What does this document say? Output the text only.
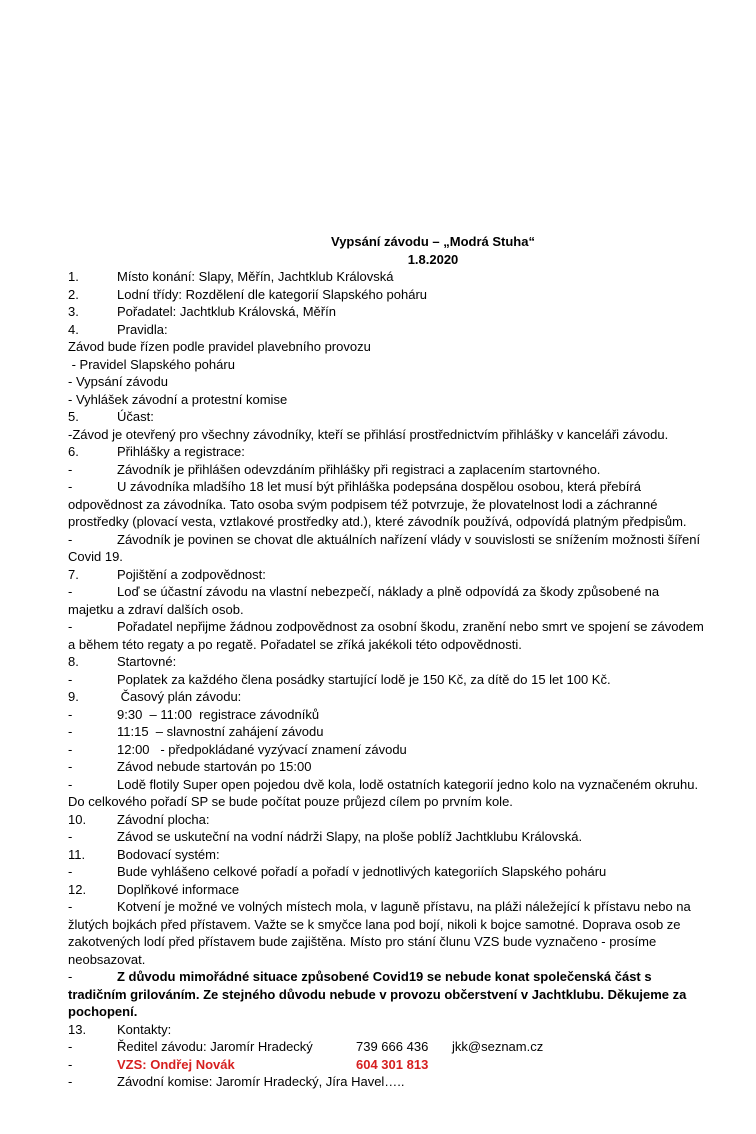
Vypsání závodu – „Modrá Stuha“
1.8.2020
1.	Místo konání: Slapy, Měřín, Jachtklub Královská
2.	Lodní třídy: Rozdělení dle kategorií Slapského poháru
3.	Pořadatel: Jachtklub Královská, Měřín
4.	Pravidla:
Závod bude řízen podle pravidel plavebního provozu
- Pravidel Slapského poháru
- Vypsání závodu
- Vyhlášek závodní a protestní komise
5.	Účast:
-Závod je otevřený pro všechny závodníky, kteří se přihlásí prostřednictvím přihlášky v kanceláři závodu.
6.	Přihlášky a registrace:
-	Závodník je přihlášen odevzdáním přihlášky při registraci a zaplacením startovného.
-	U závodníka mladšího 18 let musí být přihláška podepsána dospělou osobou, která přebírá odpovědnost za závodníka. Tato osoba svým podpisem též potvrzuje, že plovatelnost lodi a záchranné prostředky (plovací vesta, vztlakové prostředky atd.), které závodník používá, odpovídá platným předpisům.
-	Závodník je povinen se chovat dle aktuálních nařízení vlády v souvislosti se snížením možnosti šíření Covid 19.
7.	Pojištění a zodpovědnost:
-	Loď se účastní závodu na vlastní nebezpečí, náklady a plně odpovídá za škody způsobené na majetku a zdraví dalších osob.
-	Pořadatel nepřijme žádnou zodpovědnost za osobní škodu, zranění nebo smrt ve spojení se závodem a během této regaty a po regatě. Pořadatel se zříká jakékoli této odpovědnosti.
8.	Startovné:
-	Poplatek za každého člena posádky startující lodě je 150 Kč, za dítě do 15 let 100 Kč.
9.	Časový plán závodu:
-	9:30  – 11:00  registrace závodníků
-	11:15  – slavnostní zahájení závodu
-	12:00   - předpokládané vyzývací znamení závodu
-	Závod nebude startován po 15:00
-	Lodě flotily Super open pojedou dvě kola, lodě ostatních kategorií jedno kolo na vyznačeném okruhu. Do celkového pořadí SP se bude počítat pouze průjezd cílem po prvním kole.
10. Závodní plocha:
-	Závod se uskuteční na vodní nádrži Slapy, na ploše poblíž Jachtklubu Královská.
11. Bodovací systém:
-	Bude vyhlášeno celkové pořadí a pořadí v jednotlivých kategoriích Slapského poháru
12. Doplňkové informace
-	Kotvení je možné ve volných místech mola, v laguně přístavu, na pláži náležející k přístavu nebo na žlutých bojkách před přístavem. Važte se k smyčce lana pod bojí, nikoli k bojce samotné. Doprava osob ze zakotvených lodí před přístavem bude zajištěna. Místo pro stání člunu VZS bude vyznačeno - prosíme neobsazovat.
-	Z důvodu mimořádné situace způsobené Covid19 se nebude konat společenská část s tradičním grilováním. Ze stejného důvodu nebude v provozu občerstvení v Jachtklubu. Děkujeme za pochopení.
13. Kontakty:
-	Ředitel závodu: Jaromír Hradecký	739 666 436 jkk@seznam.cz
-	VZS: Ondřej Novák	604 301 813
-	Závodní komise: Jaromír Hradecký, Jíra Havel…..
